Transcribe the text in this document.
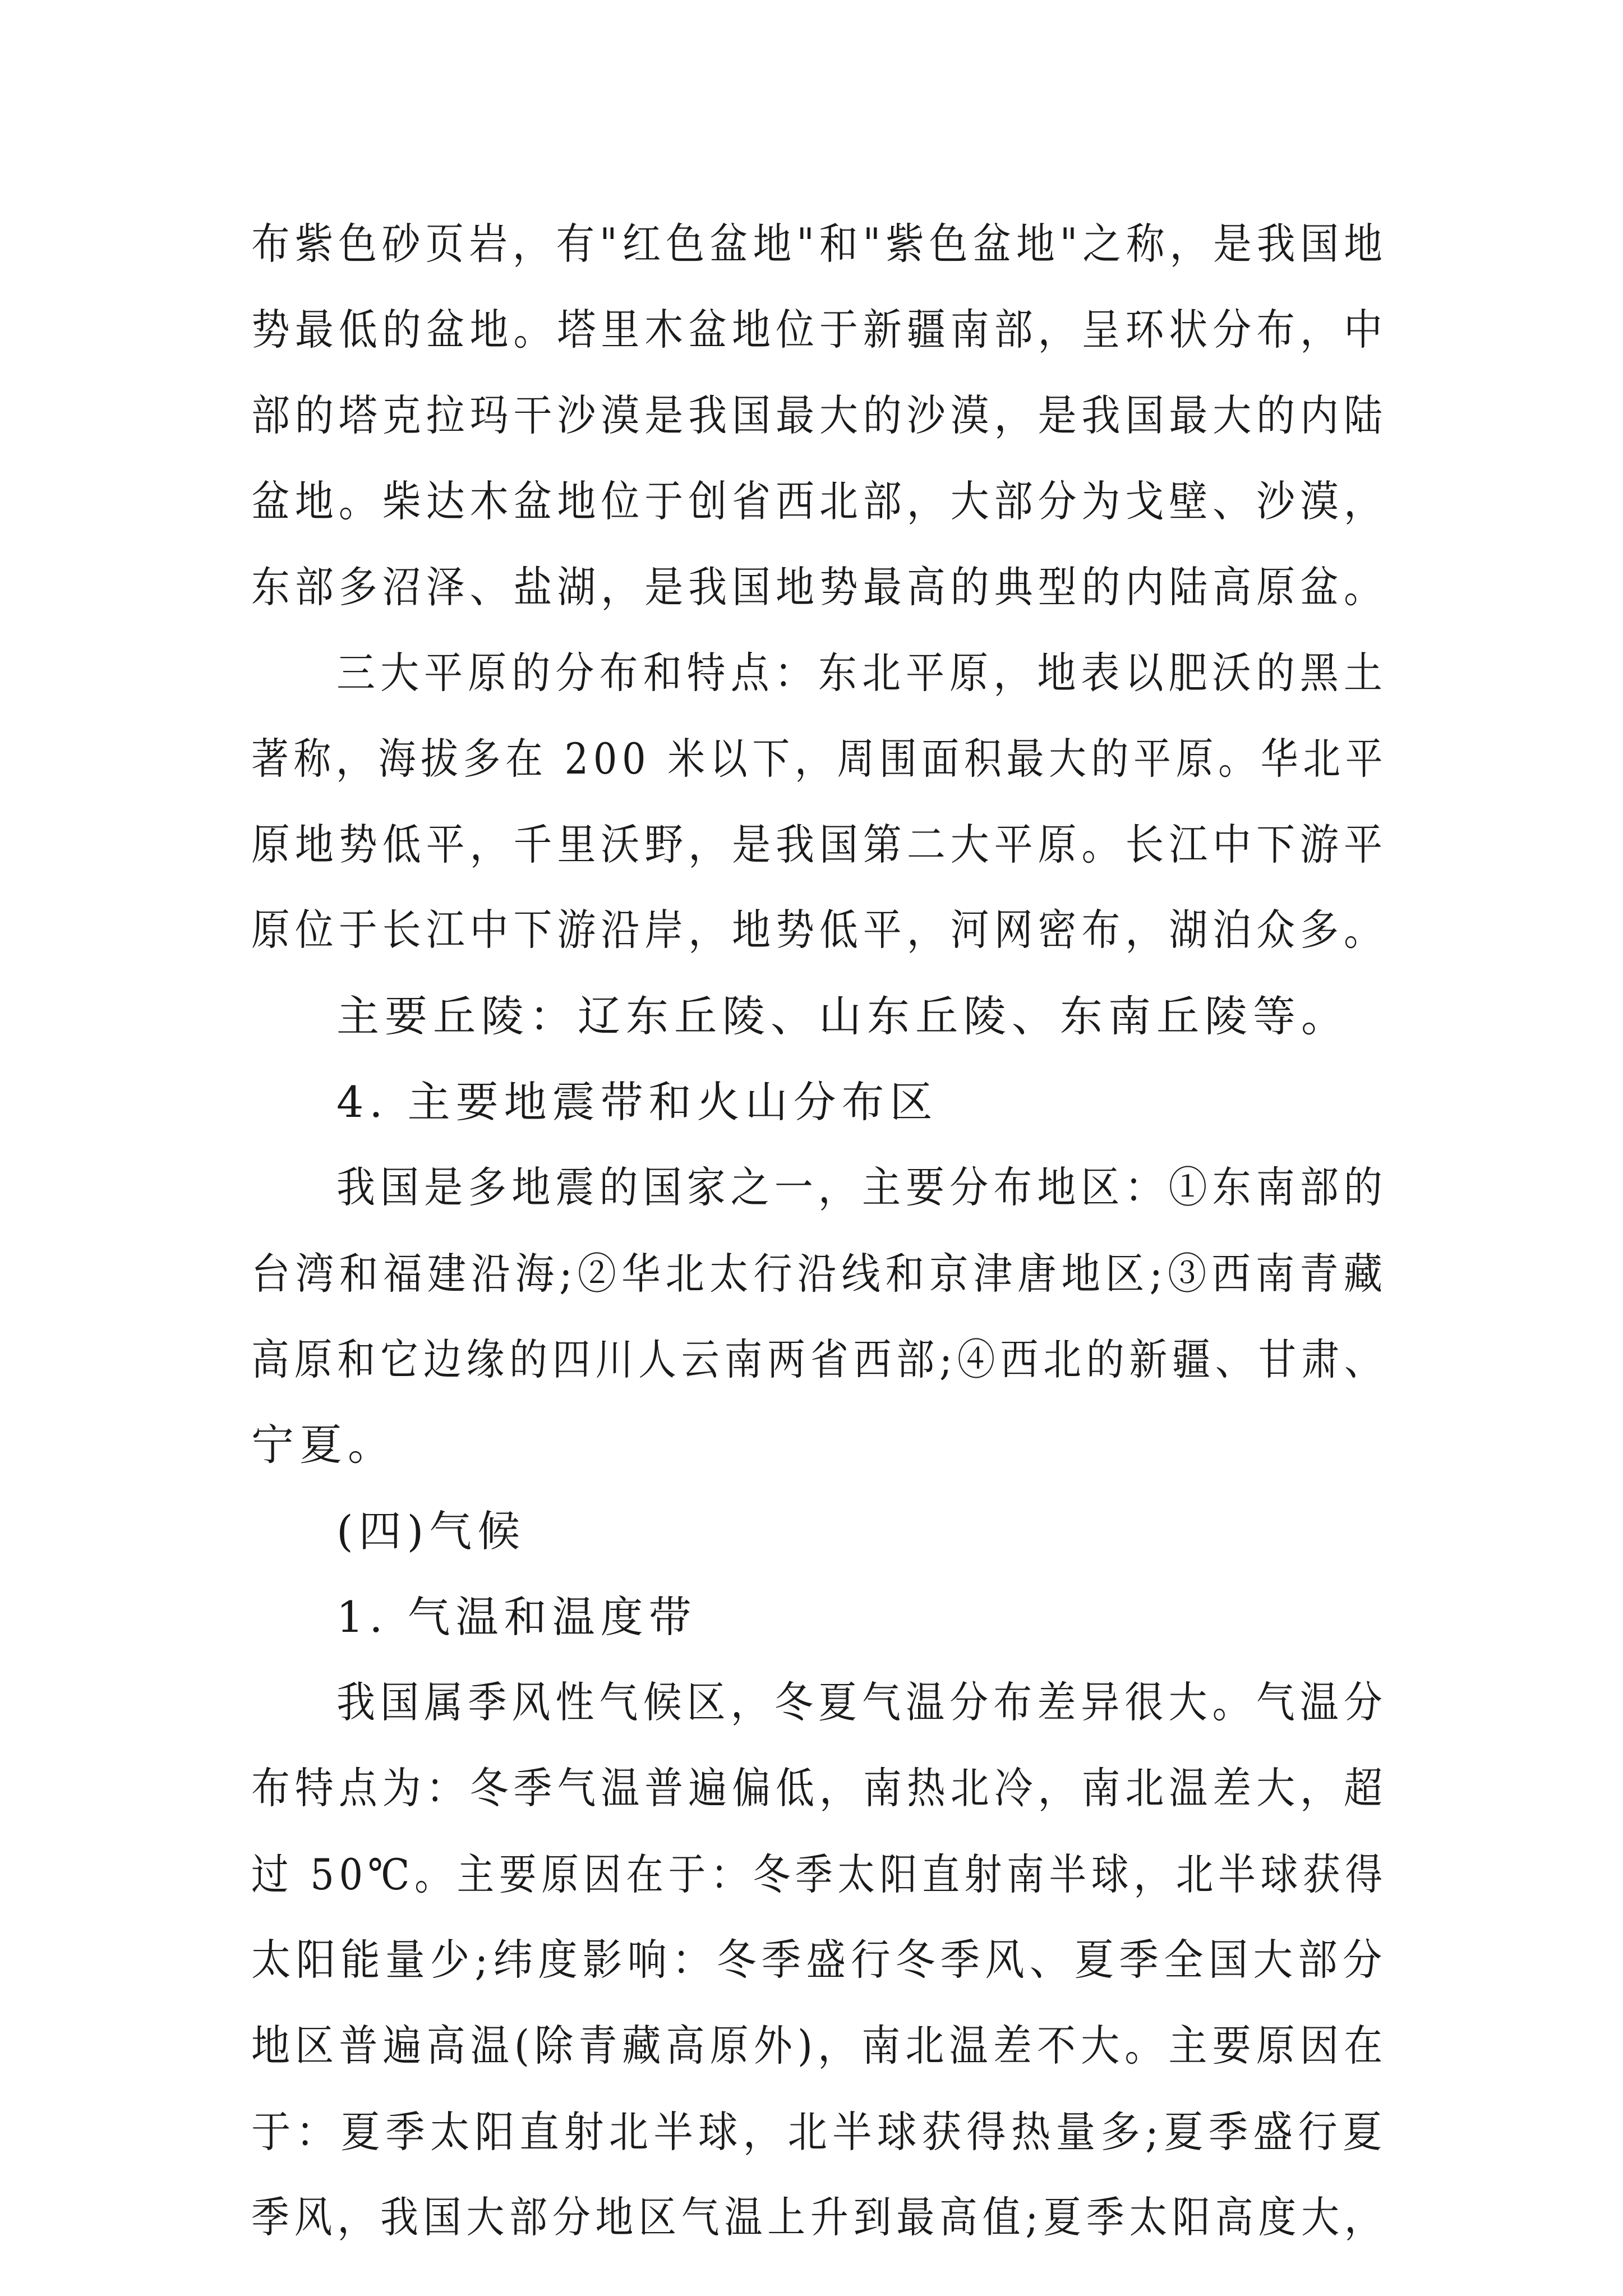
布紫色砂页岩，有"红色盆地"和"紫色盆地"之称，是我国地
势最低的盆地。塔里木盆地位于新疆南部，呈环状分布，中
部的塔克拉玛干沙漠是我国最大的沙漠，是我国最大的内陆
盆地。柴达木盆地位于创省西北部，大部分为戈壁、沙漠，
东部多沼泽、盐湖，是我国地势最高的典型的内陆高原盆。
三大平原的分布和特点：东北平原，地表以肥沃的黑土
著称，海拔多在 200 米以下，周围面积最大的平原。华北平
原地势低平，千里沃野，是我国第二大平原。长江中下游平
原位于长江中下游沿岸，地势低平，河网密布，湖泊众多。
主要丘陵：辽东丘陵、山东丘陵、东南丘陵等。
4. 主要地震带和火山分布区
我国是多地震的国家之一，主要分布地区：①东南部的
台湾和福建沿海;②华北太行沿线和京津唐地区;③西南青藏
高原和它边缘的四川人云南两省西部;④西北的新疆、甘肃、
宁夏。
(四)气候
1. 气温和温度带
我国属季风性气候区，冬夏气温分布差异很大。气温分
布特点为：冬季气温普遍偏低，南热北冷，南北温差大，超
过 50℃。主要原因在于：冬季太阳直射南半球，北半球获得
太阳能量少;纬度影响：冬季盛行冬季风、夏季全国大部分
地区普遍高温(除青藏高原外)，南北温差不大。主要原因在
于：夏季太阳直射北半球，北半球获得热量多;夏季盛行夏
季风，我国大部分地区气温上升到最高值;夏季太阳高度大，
